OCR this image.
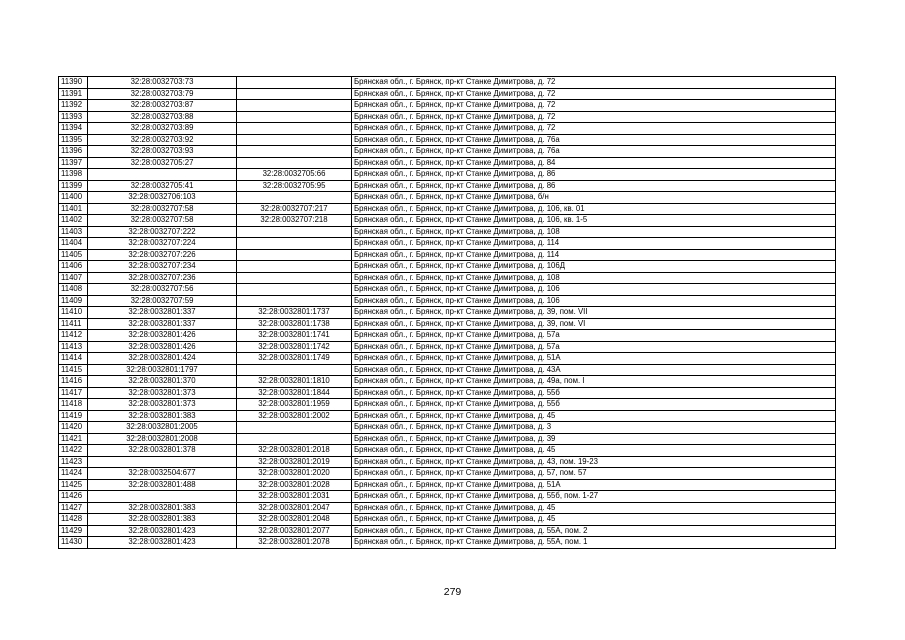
11390	32:28:0032703:73		Брянская обл., г. Брянск, пр-кт Станке Димитрова, д. 72
11391	32:28:0032703:79		Брянская обл., г. Брянск, пр-кт Станке Димитрова, д. 72
11392	32:28:0032703:87		Брянская обл., г. Брянск, пр-кт Станке Димитрова, д. 72
11393	32:28:0032703:88		Брянская обл., г. Брянск, пр-кт Станке Димитрова, д. 72
11394	32:28:0032703:89		Брянская обл., г. Брянск, пр-кт Станке Димитрова, д. 72
11395	32:28:0032703:92		Брянская обл., г. Брянск, пр-кт Станке Димитрова, д. 76а
11396	32:28:0032703:93		Брянская обл., г. Брянск, пр-кт Станке Димитрова, д. 76а
11397	32:28:0032705:27		Брянская обл., г. Брянск, пр-кт Станке Димитрова, д. 84
11398		32:28:0032705:66	Брянская обл., г. Брянск, пр-кт Станке Димитрова, д. 86
11399	32:28:0032705:41	32:28:0032705:95	Брянская обл., г. Брянск, пр-кт Станке Димитрова, д. 86
11400	32:28:0032706:103		Брянская обл., г. Брянск, пр-кт Станке Димитрова, б/н
11401	32:28:0032707:58	32:28:0032707:217	Брянская обл., г. Брянск, пр-кт Станке Димитрова, д. 106, кв. 01
11402	32:28:0032707:58	32:28:0032707:218	Брянская обл., г. Брянск, пр-кт Станке Димитрова, д. 106, кв. 1-5
11403	32:28:0032707:222		Брянская обл., г. Брянск, пр-кт Станке Димитрова, д. 108
11404	32:28:0032707:224		Брянская обл., г. Брянск, пр-кт Станке Димитрова, д. 114
11405	32:28:0032707:226		Брянская обл., г. Брянск, пр-кт Станке Димитрова, д. 114
11406	32:28:0032707:234		Брянская обл., г. Брянск, пр-кт Станке Димитрова, д. 106Д
11407	32:28:0032707:236		Брянская обл., г. Брянск, пр-кт Станке Димитрова, д. 108
11408	32:28:0032707:56		Брянская обл., г. Брянск, пр-кт Станке Димитрова, д. 106
11409	32:28:0032707:59		Брянская обл., г. Брянск, пр-кт Станке Димитрова, д. 106
11410	32:28:0032801:337	32:28:0032801:1737	Брянская обл., г. Брянск, пр-кт Станке Димитрова, д. 39, пом. VII
11411	32:28:0032801:337	32:28:0032801:1738	Брянская обл., г. Брянск, пр-кт Станке Димитрова, д. 39, пом. VI
11412	32:28:0032801:426	32:28:0032801:1741	Брянская обл., г. Брянск, пр-кт Станке Димитрова, д. 57а
11413	32:28:0032801:426	32:28:0032801:1742	Брянская обл., г. Брянск, пр-кт Станке Димитрова, д. 57а
11414	32:28:0032801:424	32:28:0032801:1749	Брянская обл., г. Брянск, пр-кт Станке Димитрова, д. 51А
11415	32:28:0032801:1797		Брянская обл., г. Брянск, пр-кт Станке Димитрова, д. 43А
11416	32:28:0032801:370	32:28:0032801:1810	Брянская обл., г. Брянск, пр-кт Станке Димитрова, д. 49а, пом. I
11417	32:28:0032801:373	32:28:0032801:1844	Брянская обл., г. Брянск, пр-кт Станке Димитрова, д. 55б
11418	32:28:0032801:373	32:28:0032801:1959	Брянская обл., г. Брянск, пр-кт Станке Димитрова, д. 55б
11419	32:28:0032801:383	32:28:0032801:2002	Брянская обл., г. Брянск, пр-кт Станке Димитрова, д. 45
11420	32:28:0032801:2005		Брянская обл., г. Брянск, пр-кт Станке Димитрова, д. 3
11421	32:28:0032801:2008		Брянская обл., г. Брянск, пр-кт Станке Димитрова, д. 39
11422	32:28:0032801:378	32:28:0032801:2018	Брянская обл., г. Брянск, пр-кт Станке Димитрова, д. 45
11423		32:28:0032801:2019	Брянская обл., г. Брянск, пр-кт Станке Димитрова, д. 43, пом. 19-23
11424	32:28:0032504:677	32:28:0032801:2020	Брянская обл., г. Брянск, пр-кт Станке Димитрова, д. 57, пом. 57
11425	32:28:0032801:488	32:28:0032801:2028	Брянская обл., г. Брянск, пр-кт Станке Димитрова, д. 51А
11426		32:28:0032801:2031	Брянская обл., г. Брянск, пр-кт Станке Димитрова, д. 55б, пом. 1-27
11427	32:28:0032801:383	32:28:0032801:2047	Брянская обл., г. Брянск, пр-кт Станке Димитрова, д. 45
11428	32:28:0032801:383	32:28:0032801:2048	Брянская обл., г. Брянск, пр-кт Станке Димитрова, д. 45
11429	32:28:0032801:423	32:28:0032801:2077	Брянская обл., г. Брянск, пр-кт Станке Димитрова, д. 55А, пом. 2
11430	32:28:0032801:423	32:28:0032801:2078	Брянская обл., г. Брянск, пр-кт Станке Димитрова, д. 55А, пом. 1
279
